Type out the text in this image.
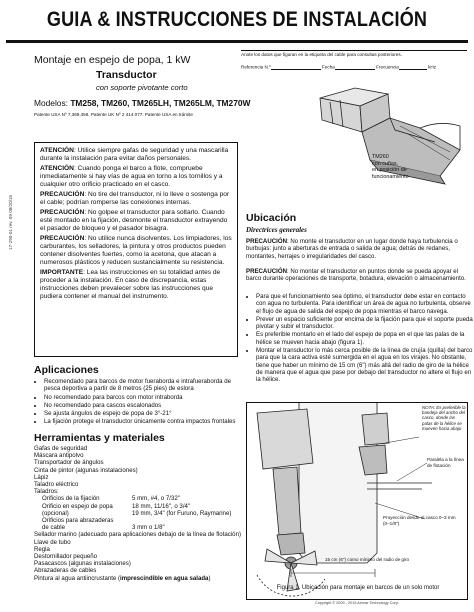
GUIA & INSTRUCCIONES DE INSTALACIÓN
17-290-01 rev. 09 08/20/15
Montaje en espejo de popa, 1 kW
Transductor
con soporte pivotante corto
Modelos: TM258, TM260, TM265LH, TM265LM, TM270W
Patente USA Nº 7,369,458. Patente UK Nº 2 414 077. Patente USA en trámite
Anote los datos que figuran en la etiqueta del cable para consultas posteriores.
Referencia N.º	Fecha	Frecuencia	kHz
TM260
con cuñas,
en posición de
funcionamiento

ATENCIÓN: Utilice siempre gafas de seguridad y una mascarilla durante la instalación para evitar daños personales.

ATENCIÓN: Cuando ponga el barco a flote, compruebe inmediatamente si hay vías de agua en torno a los tornillos y a cualquier otro orificio practicado en el casco.

PRECAUCIÓN: No tire del transductor, ni lo lleve o sostenga por el cable; podrían romperse las conexiones internas.

PRECAUCIÓN: No golpee el transductor para soltarlo. Cuando esté montado en la fijación, desmonte el transductor extrayendo el pasador de bloqueo y el pasador bisagra.

PRECAUCIÓN: No utilice nunca disolventes. Los limpiadores, los carburantes, los selladores, la pintura y otros productos pueden contener disolventes fuertes, como la acetona, que atacan a numerosos plásticos y reducen sustancialmente su resistencia.

IMPORTANTE: Lea las instrucciones en su totalidad antes de proceder a la instalación. En caso de discrepancia, estas instrucciones deben prevalecer sobre las instrucciones que pudiera contener el manual del instrumento.

Aplicaciones
• Recomendado para barcos de motor fueraborda e intrafueraborda de pesca deportiva a partir de 8 metros (25 pies) de eslora
• No recomendado para barcos con motor intraborda
• No recomendado para cascos escalonados
• Se ajusta ángulos de espejo de popa de 3°-21°
• La fijación protege el transductor únicamente contra impactos frontales
Herramientas y materiales
Gafas de seguridad
Máscara antipolvo
Transportador de ángulos
Cinta de pintor (algunas instalaciones)
Lápiz
Taladro eléctrico
Taladros:
Orificios de la fijación	5 mm, #4, o 7/32"
Orificio en espejo de popa	18 mm, 11/16", o 3/4"
(opcional)	19 mm, 3/4" (for Furuno, Raymarine)
Orificios para abrazaderas
de cable	3 mm o 1/8"
Sellador marino (adecuado para aplicaciones debajo de la línea de flotación)
Llave de tubo
Regla
Destornillador pequeño
Pasacascos (algunas instalaciones)
Abrazaderas de cables
Pintura al agua antiincrustante (imprescindible en agua salada)
Ubicación
Directrices generales
PRECAUCIÓN: No monte el transductor en un lugar donde haya turbulencia o burbujas: junto a aberturas de entrada o salida de agua; detrás de redanes, montantes, herrajes o irregularidades del casco.
PRECAUCIÓN: No montar el transductor en puntos donde se pueda apoyar el barco durante operaciones de transporte, botadura, elevación o almacenamiento.
• Para que el funcionamiento sea óptimo, el transductor debe estar en contacto con agua no turbulenta. Para identificar un área de agua no turbulenta, observe el flujo de agua de salida del espejo de popa mientras el barco navega.
• Prever un espacio suficiente por encima de la fijación para que el soporte pueda pivotar y subir el transductor.
• Es preferible montarlo en el lado del espejo de popa en el que las palas de la hélice se mueven hacia abajo (figura 1).
• Montar el transductor lo más cerca posible de la línea de crujía (quilla) del barco para que la cara activa esté sumergida en el agua en los virajes. No obstante, tiene que haber un mínimo de 15 cm (6") más allá del radio de giro de la hélice de manera que el agua que pase por debajo del transductor no altere el flujo en la hélice.
NOTA: Es preferible la bandeja del ancho del casco, donde las palas de la hélice se mueven hacia abajo
Paralela a la línea de flotación
Proyección desde el casco 0–3 mm (0–1/8")
15 cm (6") como mínimo del radio de giro
Figura 1. Ubicación para montaje en barcos de un solo motor
Copyright © 2009 - 2015 Airmar Technology Corp.
